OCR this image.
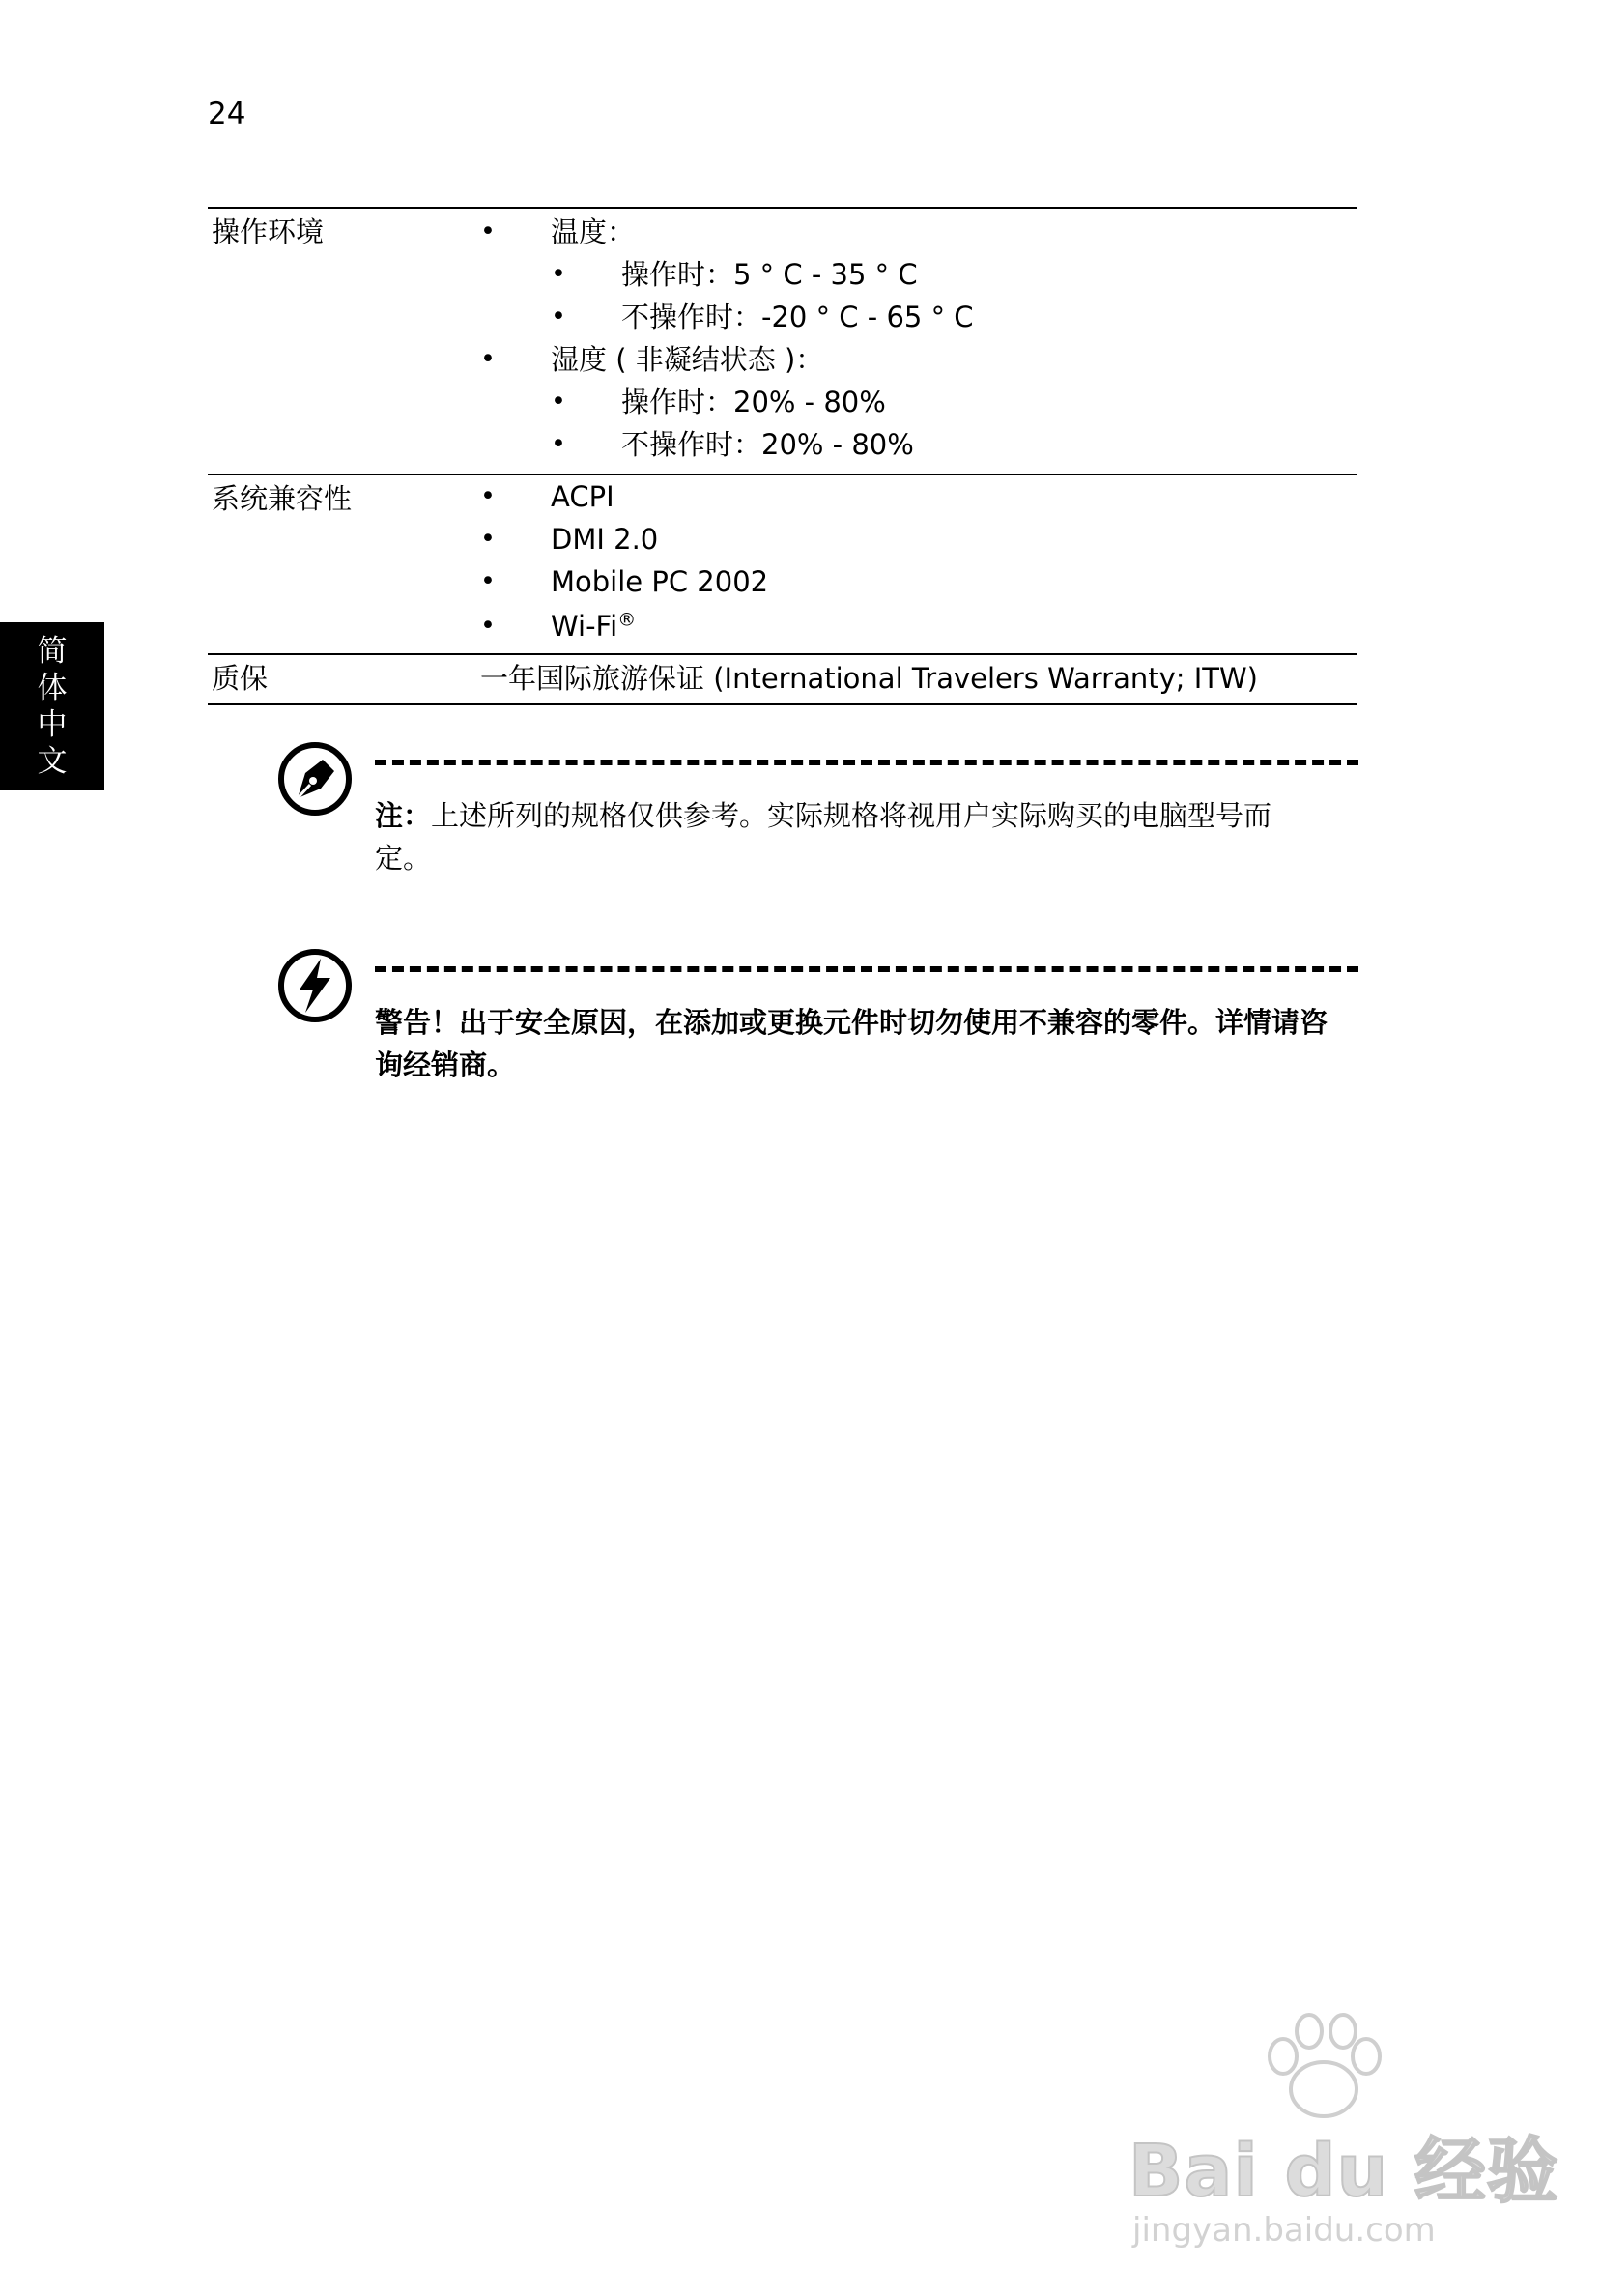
24
简
体
中
文
操作环境	• 温度：
• 操作时：5 ° C - 35 ° C
• 不操作时：-20 ° C - 65 ° C
• 湿度 ( 非凝结状态 )：
• 操作时：20% - 80%
• 不操作时：20% - 80%
系统兼容性	• ACPI
• DMI 2.0
• Mobile PC 2002
• Wi-Fi®
质保	一年国际旅游保证 (International Travelers Warranty; ITW)
注：上述所列的规格仅供参考。实际规格将视用户实际购买的电脑型号而定。
警告！出于安全原因，在添加或更换元件时切勿使用不兼容的零件。详情请咨询经销商。
Bai du 经验
jingyan.baidu.com
